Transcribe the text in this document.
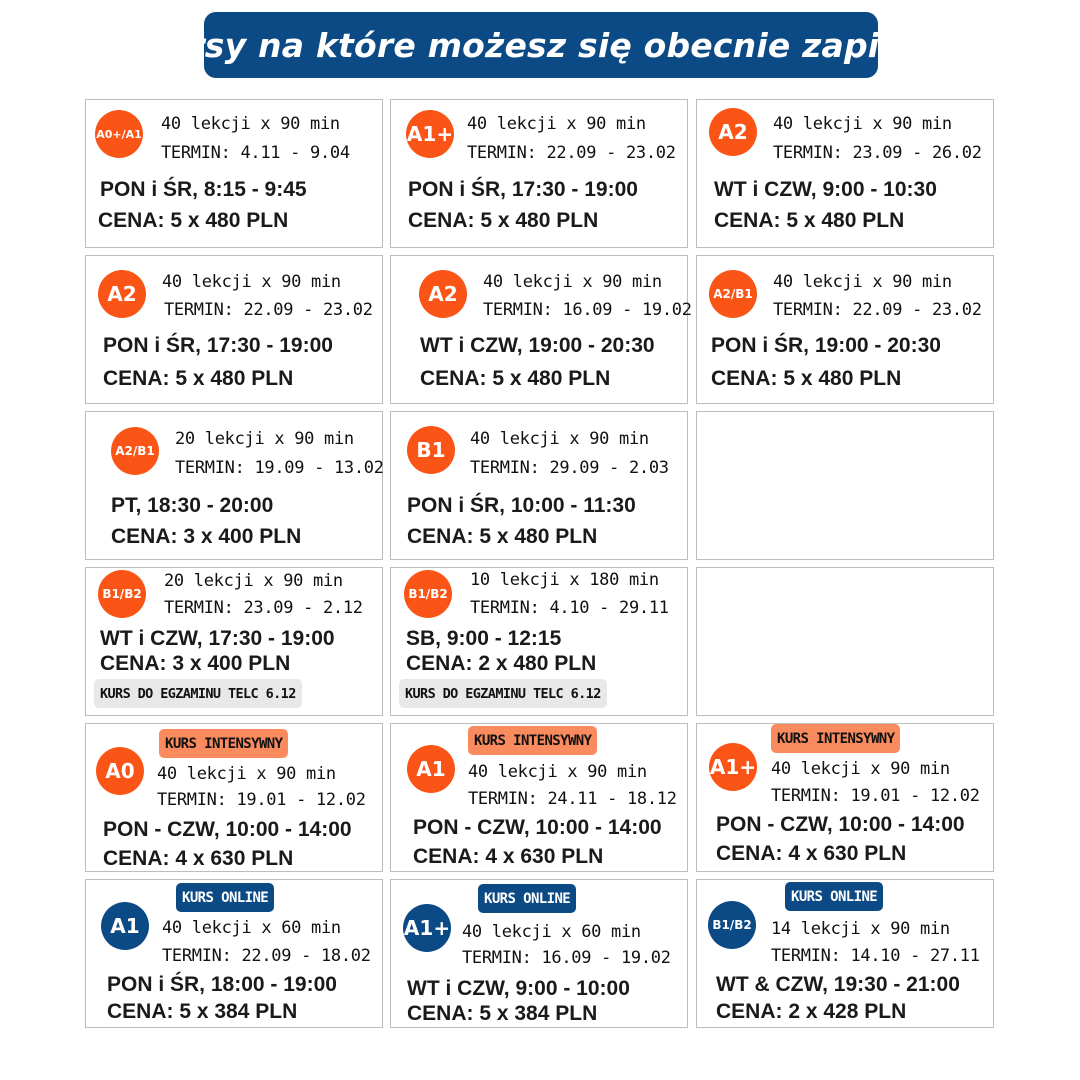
Kursy na które możesz się obecnie zapisać
A0+/A1 40 lekcji x 90 min
TERMIN: 4.11 - 9.04
PON i ŚR, 8:15 - 9:45
CENA: 5 x 480 PLN
A1+ 40 lekcji x 90 min
TERMIN: 22.09 - 23.02
PON i ŚR, 17:30 - 19:00
CENA: 5 x 480 PLN
A2	40 lekcji x 90 min
TERMIN: 23.09 - 26.02
WT i CZW, 9:00 - 10:30
CENA: 5 x 480 PLN
A2	40 lekcji x 90 min
TERMIN: 22.09 - 23.02
PON i ŚR, 17:30 - 19:00
CENA: 5 x 480 PLN
A2	40 lekcji x 90 min
TERMIN: 16.09 - 19.02
WT i CZW, 19:00 - 20:30
CENA: 5 x 480 PLN
A2/B1
40 lekcji x 90 min
TERMIN: 22.09 - 23.02
PON i ŚR, 19:00 - 20:30
CENA: 5 x 480 PLN
A2/B1
20 lekcji x 90 min
TERMIN: 19.09 - 13.02
PT, 18:30 - 20:00
CENA: 3 x 400 PLN
B1	40 lekcji x 90 min
TERMIN: 29.09 - 2.03
PON i ŚR, 10:00 - 11:30
CENA: 5 x 480 PLN
B1/B2
20 lekcji x 90 min
TERMIN: 23.09 - 2.12
WT i CZW, 17:30 - 19:00
CENA: 3 x 400 PLN
KURS DO EGZAMINU TELC 6.12
B1/B2
10 lekcji x 180 min
TERMIN: 4.10 - 29.11
SB, 9:00 - 12:15
CENA: 2 x 480 PLN
KURS DO EGZAMINU TELC 6.12
KURS INTENSYWNY
A0	40 lekcji x 90 min
TERMIN: 19.01 - 12.02
PON - CZW, 10:00 - 14:00
CENA: 4 x 630 PLN
KURS INTENSYWNY
A1	40 lekcji x 90 min
TERMIN: 24.11 - 18.12
PON - CZW, 10:00 - 14:00
CENA: 4 x 630 PLN
KURS INTENSYWNY
A1+ 40 lekcji x 90 min
TERMIN: 19.01 - 12.02
PON - CZW, 10:00 - 14:00
CENA: 4 x 630 PLN
KURS ONLINE
A1	40 lekcji x 60 min
TERMIN: 22.09 - 18.02
PON i ŚR, 18:00 - 19:00
CENA: 5 x 384 PLN
KURS ONLINE
A1+ 40 lekcji x 60 min
TERMIN: 16.09 - 19.02
WT i CZW, 9:00 - 10:00
CENA: 5 x 384 PLN
KURS ONLINE
B1/B2 14 lekcji x 90 min
TERMIN: 14.10 - 27.11
WT & CZW, 19:30 - 21:00
CENA: 2 x 428 PLN
